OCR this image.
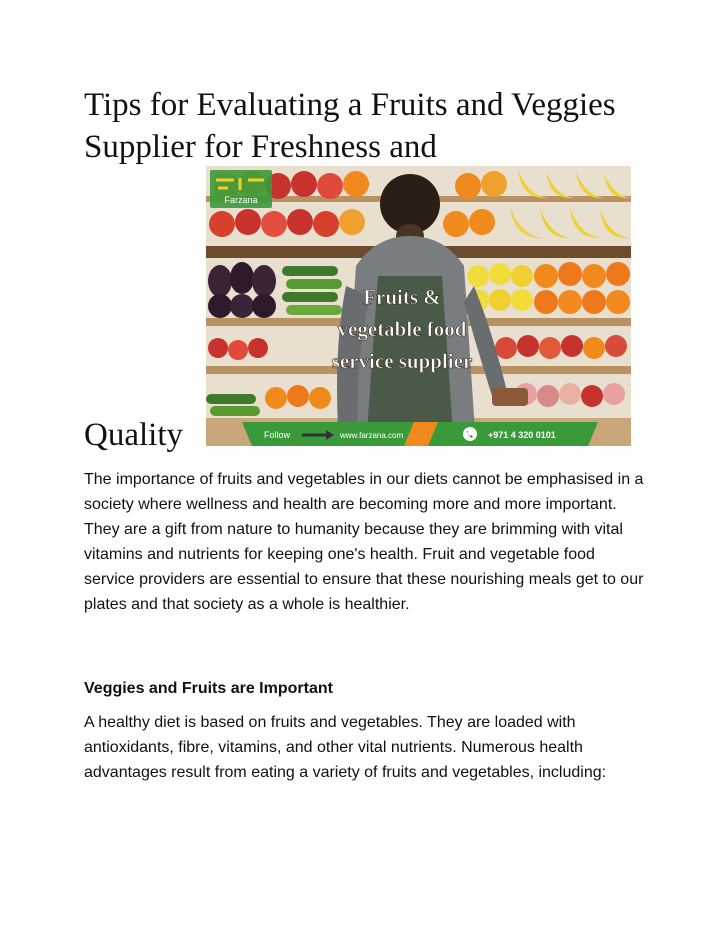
Tips for Evaluating a Fruits and Veggies Supplier for Freshness and
Farzana
Fruits &
vegetable food
service supplier
Follow	www.farzana.com	+971 4 320 0101
Quality

The importance of fruits and vegetables in our diets cannot be emphasised in a society where wellness and health are becoming more and more important. They are a gift from nature to humanity because they are brimming with vital vitamins and nutrients for keeping one's health. Fruit and vegetable food service providers are essential to ensure that these nourishing meals get to our plates and that society as a whole is healthier.

Veggies and Fruits are Important

A healthy diet is based on fruits and vegetables. They are loaded with antioxidants, fibre, vitamins, and other vital nutrients. Numerous health advantages result from eating a variety of fruits and vegetables, including:
